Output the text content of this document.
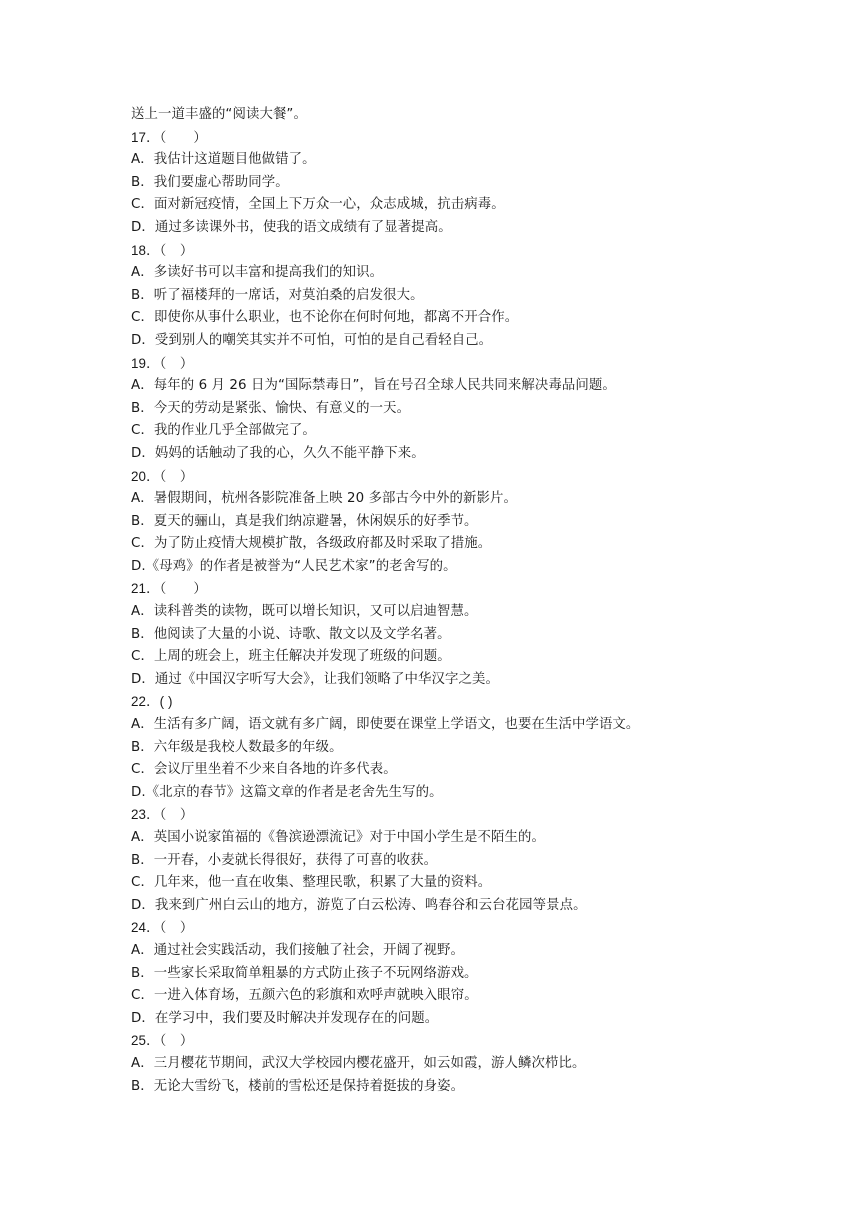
送上一道丰盛的“阅读大餐”。
17．（　　）
A．我估计这道题目他做错了。
B．我们要虚心帮助同学。
C．面对新冠疫情，全国上下万众一心，众志成城，抗击病毒。
D．通过多读课外书，使我的语文成绩有了显著提高。
18．（　）
A．多读好书可以丰富和提高我们的知识。
B．听了福楼拜的一席话，对莫泊桑的启发很大。
C．即使你从事什么职业，也不论你在何时何地，都离不开合作。
D．受到别人的嘲笑其实并不可怕，可怕的是自己看轻自己。
19．（　）
A．每年的 6 月 26 日为“国际禁毒日”，旨在号召全球人民共同来解决毒品问题。
B．今天的劳动是紧张、愉快、有意义的一天。
C．我的作业几乎全部做完了。
D．妈妈的话触动了我的心，久久不能平静下来。
20．（　）
A．暑假期间，杭州各影院准备上映 20 多部古今中外的新影片。
B．夏天的骊山，真是我们纳凉避暑，休闲娱乐的好季节。
C．为了防止疫情大规模扩散，各级政府都及时采取了措施。
D.《母鸡》的作者是被誉为“人民艺术家”的老舍写的。
21．（　　）
A．读科普类的读物，既可以增长知识，又可以启迪智慧。
B．他阅读了大量的小说、诗歌、散文以及文学名著。
C．上周的班会上，班主任解决并发现了班级的问题。
D．通过《中国汉字听写大会》，让我们领略了中华汉字之美。
22．( )
A．生活有多广阔，语文就有多广阔，即使要在课堂上学语文，也要在生活中学语文。
B．六年级是我校人数最多的年级。
C．会议厅里坐着不少来自各地的许多代表。
D.《北京的春节》这篇文章的作者是老舍先生写的。
23．（　）
A．英国小说家笛福的《鲁滨逊漂流记》对于中国小学生是不陌生的。
B．一开春，小麦就长得很好，获得了可喜的收获。
C．几年来，他一直在收集、整理民歌，积累了大量的资料。
D．我来到广州白云山的地方，游览了白云松涛、鸣春谷和云台花园等景点。
24．（　）
A．通过社会实践活动，我们接触了社会，开阔了视野。
B．一些家长采取简单粗暴的方式防止孩子不玩网络游戏。
C．一进入体育场，五颜六色的彩旗和欢呼声就映入眼帘。
D．在学习中，我们要及时解决并发现存在的问题。
25．（　）
A．三月樱花节期间，武汉大学校园内樱花盛开，如云如霞，游人鳞次栉比。
B．无论大雪纷飞，楼前的雪松还是保持着挺拔的身姿。
